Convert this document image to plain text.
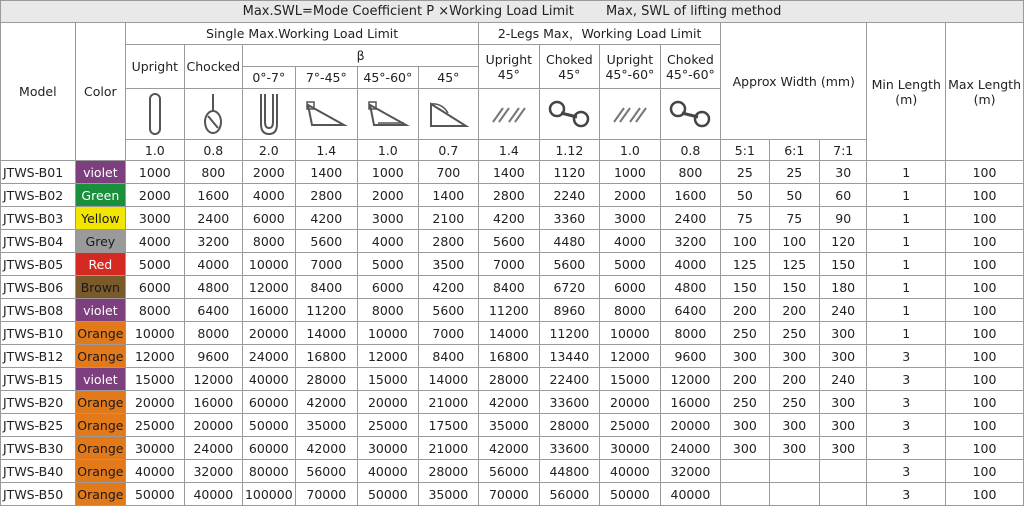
Max.SWL=Mode Coefficient P ×Working Load Limit Max, SWL of lifting method																
Model	Color	Single Max.Working Load Limit						2-Legs Max，Working Load Limit				Approx Width (mm)			Min Length (m)	Max Length (m)
		Upright	Chocked	β				Upright 45°	Choked 45°	Upright 45°-60°	Choked 45°-60°					
				0°-7°	7°-45°	45°-60°	45°									

		1.0	0.8	2.0	1.4	1.0	0.7	1.4	1.12	1.0	0.8	5:1	6:1	7:1		
JTWS-B01	violet	1000	800	2000	1400	1000	700	1400	1120	1000	800	25	25	30	1	100
JTWS-B02	Green	2000	1600	4000	2800	2000	1400	2800	2240	2000	1600	50	50	60	1	100
JTWS-B03	Yellow	3000	2400	6000	4200	3000	2100	4200	3360	3000	2400	75	75	90	1	100
JTWS-B04	Grey	4000	3200	8000	5600	4000	2800	5600	4480	4000	3200	100	100	120	1	100
JTWS-B05	Red	5000	4000	10000	7000	5000	3500	7000	5600	5000	4000	125	125	150	1	100
JTWS-B06	Brown	6000	4800	12000	8400	6000	4200	8400	6720	6000	4800	150	150	180	1	100
JTWS-B08	violet	8000	6400	16000	11200	8000	5600	11200	8960	8000	6400	200	200	240	1	100
JTWS-B10	Orange	10000	8000	20000	14000	10000	7000	14000	11200	10000	8000	250	250	300	1	100
JTWS-B12	Orange	12000	9600	24000	16800	12000	8400	16800	13440	12000	9600	300	300	300	3	100
JTWS-B15	violet	15000	12000	40000	28000	15000	14000	28000	22400	15000	12000	200	200	240	3	100
JTWS-B20	Orange	20000	16000	60000	42000	20000	21000	42000	33600	20000	16000	250	250	300	3	100
JTWS-B25	Orange	25000	20000	50000	35000	25000	17500	35000	28000	25000	20000	300	300	300	3	100
JTWS-B30	Orange	30000	24000	60000	42000	30000	21000	42000	33600	30000	24000	300	300	300	3	100
JTWS-B40	Orange	40000	32000	80000	56000	40000	28000	56000	44800	40000	32000				3	100
JTWS-B50	Orange	50000	40000	100000	70000	50000	35000	70000	56000	50000	40000				3	100
